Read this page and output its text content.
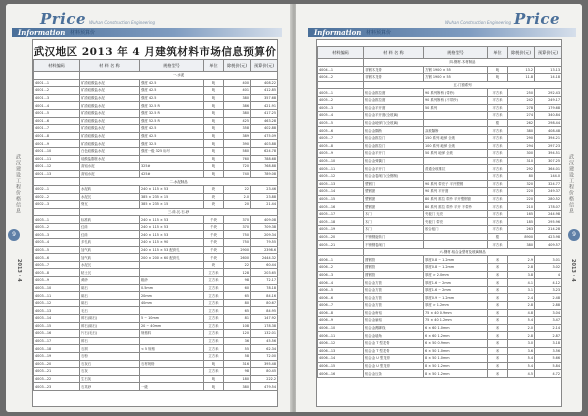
Price Wuhan Construction Engineering
Information 材料预算价
武汉地区 2013 年 4 月建筑材料市场信息预算价
材料编码	材 料 名 称	规格型号	单位	除税价(元)	预算价(元)
	一.水泥				
4001...1	矿渣硅酸盐水泥	强度 42.5	吨	400	408.22
4001...2	矿渣硅酸盐水泥	强度 42.5	吨	401	412.85
4001...3	矿渣硅酸盐水泥	强度 42.5	吨	380	357.68
4001...4	矿渣硅酸盐水泥	强度 32.5 R	吨	386	421.91
4001...5	矿渣硅酸盐水泥	强度 32.5 R	吨	380	417.25
4001...6	矿渣硅酸盐水泥	强度 52.5 R	吨	425	463.28
4001...7	矿渣硅酸盐水泥	强度 42.5	吨	358	402.88
4001...8	矿渣硅酸盐水泥	强度 42.5	吨	389	475.09
4001...9	矿渣硅酸盐水泥	强度 32.5	吨	390	403.88
4001...10	白色硅酸盐水泥	强度一级 325 标号	吨	580	624.78
4001...11	硅酸盐膨胀水泥		吨	760	788.68
4001...12	高铝水泥	325#	吨	720	768.88
4001...13	高铝水泥	425#	吨	740	789.08
	二.水泥制品				
4002...1	水泥砖	240 × 115 × 53	块	22	23.46
4002...2	水泥瓦	385 × 235 × 15	块	2.0	23.88
4002...3	脊瓦	385 × 235 × 15	块	20	21.44
	三.砖.瓦.石.砂				
4003...1	标准砖	240 × 115 × 53	千块	370	409.08
4003...2	红砖	240 × 115 × 53	千块	370	709.38
4003...3	红砖	240 × 115 × 53	千块	750	209.34
4003...4	多孔砖	240 × 115 × 90	千块	750	79.55
4003...5	加气砖	240 × 115 × 53 配套孔	千块	2900	2398.6
4003...6	加气砖	200 × 200 × 60 配套孔	千块	2600	2444.32
4003...7	水泥瓦		块	22	60.44
4003...8	粘土瓦		立方米	128	203.65
4003...9	黄砂	粗砂	立方米	98	72.17
4003...10	砾石	0.5mm	立方米	60	78.18
4003...11	砾石	20mm	立方米	65	84.16
4003...12	砾石	40mm	立方米	80	80.67
4003...13	毛石		立方米	65	84.95
4003...14	碎石(砾石)	5 ~ 10mm	立方米	81	147.92
4003...15	碎石(砾石)	20 ~ 40mm	立方米	108	178.38
4003...16	片石(毛石)	规格料	立方米	120	132.01
4003...17	碎石		立方米	36	45.56
4003...18	石屑	< 5 规格	立方米	55	62.34
4003...19	石粉		立方米	58	72.00
4003...20	石灰石	石材规格	吨	316	395.48
4003...21	石灰		立方米	98	80.45
4003...22	生石灰		吨	180	222.2
4003...23	石英砂	一级	吨	380	479.54
武汉建设工程价格信息
9
2013 · 4
Wuhan Construction Engineering Price
Information 材料预算价
材料编码	材 料 名 称	规格型号	单位	除税价(元)	预算价(元)
	四.钢材.木材制品				
4004...1	非钢木龙骨	方钢 1900 × 55	吨	13.2	13.13
4004...2	非钢木龙骨	方钢 1900 × 55	吨	11.8	14.18
	五.门窗系列				
4005...1	铝合金推拉窗	90 系列断桥 (带纱)	平方米	250	292.43
4005...2	铝合金推拉窗	90 系列断桥 (不带纱)	平方米	242	249.17
4005...3	铝合金平开窗	50 系列	平方米	278	179.68
4005...4	铝合金平开窗(全玻璃)		平方米	274	340.84
4005...5	铝合金地弹门(全玻璃)		樘	262	298.44
4005...6	铝合金隔断	双玻隔断	平方米	380	408.48
4005...7	铝合金推拉门	150 系列 地弹 全玻	平方米	290	394.21
4005...8	铝合金推拉门	100 系列 地弹 全玻	平方米	294	297.23
4005...9	铝合金平开门	50 系列 地弹 全玻	平方米	300	394.51
4005...10	铝合金弹簧门		平方米	310	307.25
4005...11	铝合金平开门	普通全玻推拉	平方米	292	364.01
4005...12	铝合金卷闸门(全钢制)		平方米	80	144.0
4005...13	塑钢门	90 系列 带亮子 平开塑钢	平方米	320	324.77
4005...14	塑钢窗	90 系列 平开窗	平方米	220	249.37
4005...15	塑钢窗	80 系列 推拉 带纱 平开塑钢窗	平方米	220	280.52
4005...16	塑钢窗	80 系列 推拉 带纱 平开 不带纱	平方米	210	178.07
4005...17	木门	夹板门 无亮	平方米	165	244.98
4005...18	木门	夹板门 带亮	平方米	185	295.96
4005...19	木门	胶合板门	平方米	263	214.28
4005...20	不锈钢旋转门		樘	8900	423.98
4005...21	不锈钢卷闸门		平方米	380	409.57
	六.钢材.铝合金型材及玻璃制品				
4006...1	圆钢管	厚度0.8 ~ 1.2mm	米	2.9	3.01
4006...2	圆钢管	厚度0.8 ~ 1.2mm	米	2.8	3.02
4006...3	圆钢管	厚度 > 2.0mm	米	3.8	4
4006...4	铝合金方管	厚度1.6 ~ 2mm	米	4.1	4.12
4006...5	铝合金方管	厚度1.6 ~ 2mm	米	3.1	3.23
4006...6	铝合金方管	厚度0.9 ~ 1.2mm	米	2.4	2.48
4006...7	铝合金方管	厚度 > 1.2mm	米	2.8	2.88
4006...8	铝合金角铝	75 × 40 0.9mm	米	4.8	3.04
4006...9	铝合金扁铝	75 × 40 1.2mm	米	5.4	3.47
4006...10	铝合金踢脚线	6 × 60 1.0mm	米	2.0	2.14
4006...11	铝合金墙角	6 × 60 1.2mm	米	2.8	2.87
4006...12	铝合金 T 型龙骨	6 × 50 0.9mm	米	3.0	3.18
4006...13	铝合金 T 型龙骨	6 × 50 1.0mm	米	3.6	3.56
4006...14	铝合金 U 型龙骨	8 × 50 1.0mm	米	5.4	5.66
4006...15	铝合金 U 型龙骨	8 × 50 1.2mm	米	5.4	5.84
4006...16	铝合金压条	8 × 50 1.2mm	米	4.5	4.72
武汉建设工程价格信息
9
2013 · 4
